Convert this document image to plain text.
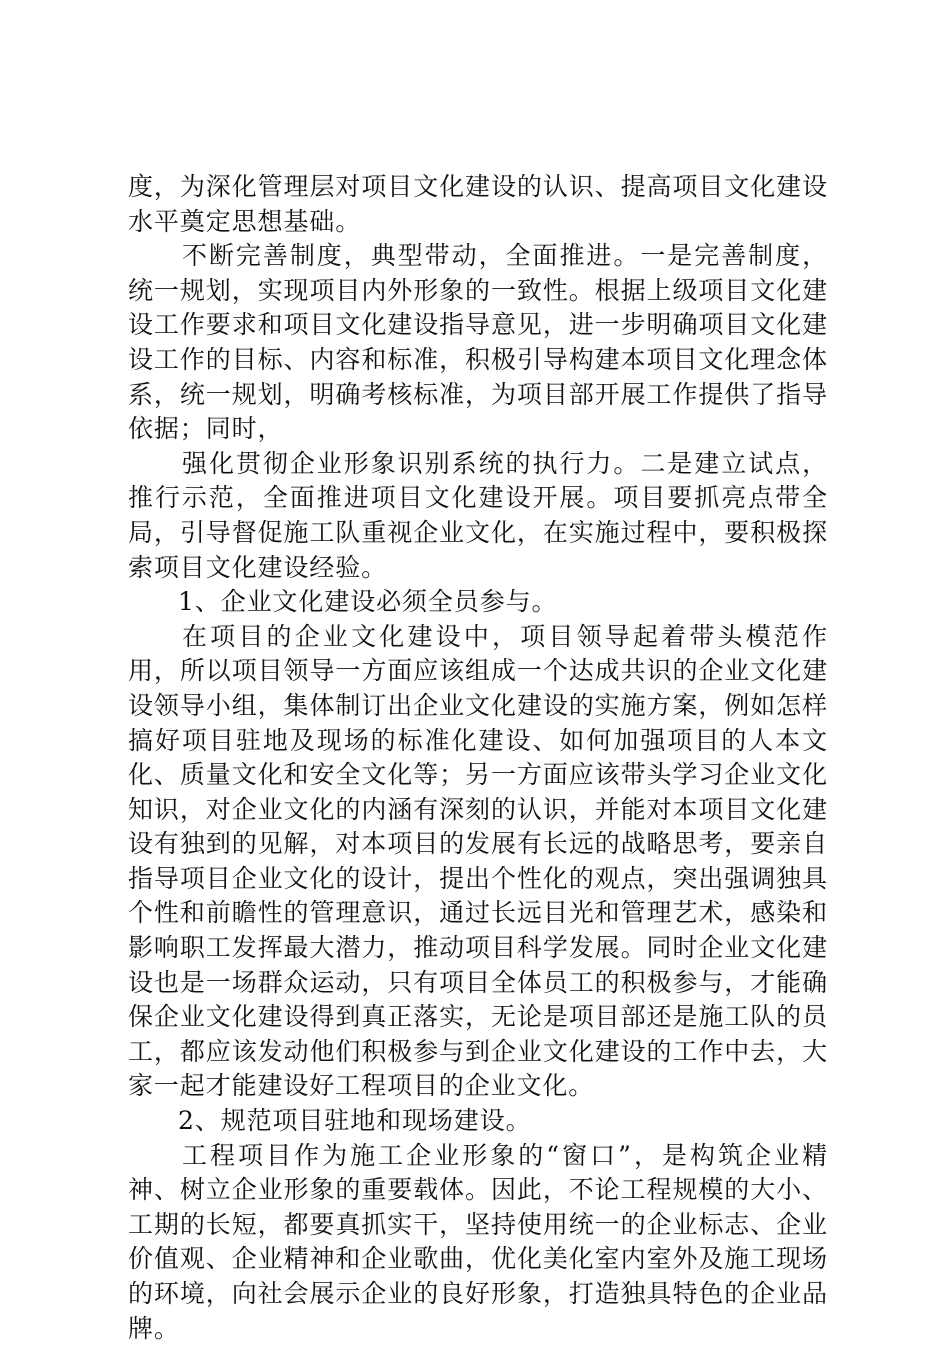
度，为深化管理层对项目文化建设的认识、提高项目文化建设水平奠定思想基础。

不断完善制度，典型带动，全面推进。一是完善制度，统一规划，实现项目内外形象的一致性。根据上级项目文化建设工作要求和项目文化建设指导意见，进一步明确项目文化建设工作的目标、内容和标准，积极引导构建本项目文化理念体系，统一规划，明确考核标准，为项目部开展工作提供了指导依据；同时，

强化贯彻企业形象识别系统的执行力。二是建立试点，推行示范，全面推进项目文化建设开展。项目要抓亮点带全局，引导督促施工队重视企业文化，在实施过程中，要积极探索项目文化建设经验。

1、企业文化建设必须全员参与。

在项目的企业文化建设中，项目领导起着带头模范作用，所以项目领导一方面应该组成一个达成共识的企业文化建设领导小组，集体制订出企业文化建设的实施方案，例如怎样搞好项目驻地及现场的标准化建设、如何加强项目的人本文化、质量文化和安全文化等；另一方面应该带头学习企业文化知识，对企业文化的内涵有深刻的认识，并能对本项目文化建设有独到的见解，对本项目的发展有长远的战略思考，要亲自指导项目企业文化的设计，提出个性化的观点，突出强调独具个性和前瞻性的管理意识，通过长远目光和管理艺术，感染和影响职工发挥最大潜力，推动项目科学发展。同时企业文化建设也是一场群众运动，只有项目全体员工的积极参与，才能确保企业文化建设得到真正落实，无论是项目部还是施工队的员工，都应该发动他们积极参与到企业文化建设的工作中去，大家一起才能建设好工程项目的企业文化。

2、规范项目驻地和现场建设。

工程项目作为施工企业形象的“窗口”，是构筑企业精神、树立企业形象的重要载体。因此，不论工程规模的大小、工期的长短，都要真抓实干，坚持使用统一的企业标志、企业价值观、企业精神和企业歌曲，优化美化室内室外及施工现场的环境，向社会展示企业的良好形象，打造独具特色的企业品牌。
